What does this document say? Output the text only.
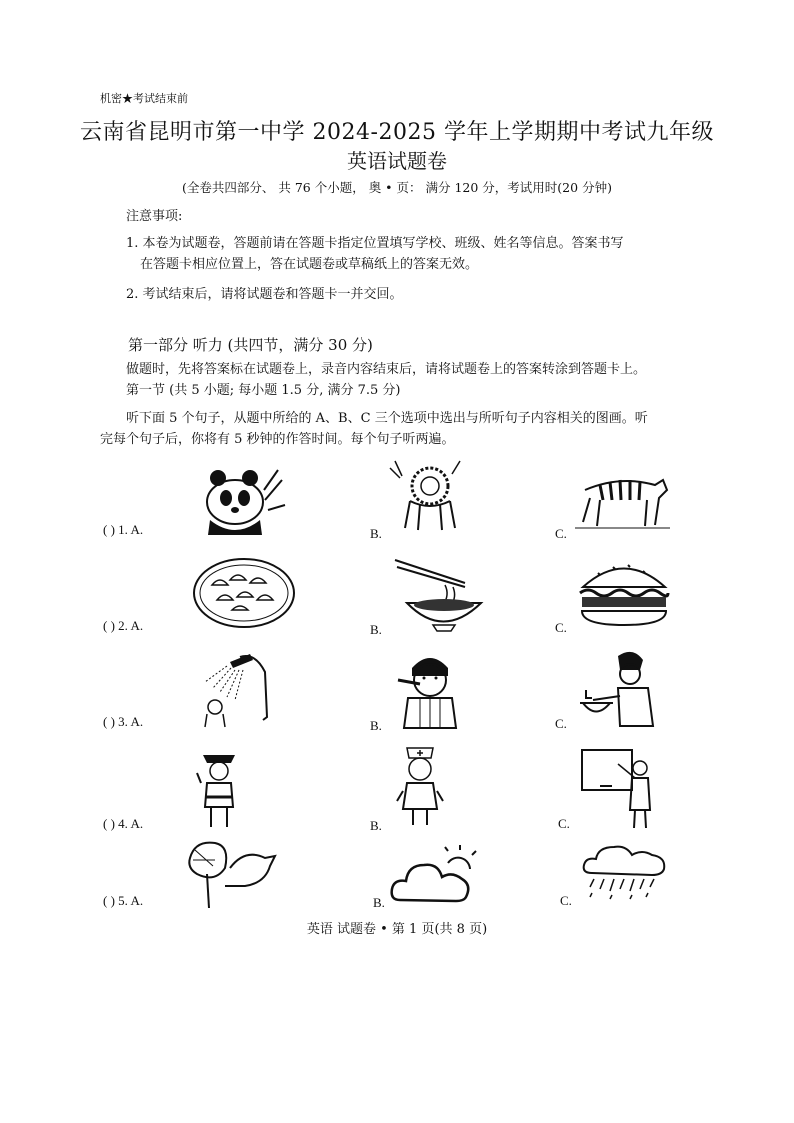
机密★考试结束前
云南省昆明市第一中学 2024-2025 学年上学期期中考试九年级
英语试题卷
(全卷共四部分、 共 76 个小题， 奥 • 页： 满分 120 分，考试用时(20 分钟)
注意事项:
1. 本卷为试题卷，答题前请在答题卡指定位置填写学校、班级、姓名等信息。答案书写
在答题卡相应位置上，答在试题卷或草稿纸上的答案无效。
2. 考试结束后，请将试题卷和答题卡一并交回。
第一部分 听力 (共四节，满分 30 分)
做题时，先将答案标在试题卷上，录音内容结束后，请将试题卷上的答案转涂到答题卡上。
第一节 (共 5 小题; 每小题 1.5 分, 满分 7.5 分)
听下面 5 个句子，从题中所给的 A、B、C 三个选项中选出与所听句子内容相关的图画。听
完每个句子后，你将有 5 秒钟的作答时间。每个句子听两遍。
( ) 1. A.	B.	C.
( ) 2. A.	B.	C.
( ) 3. A.	B.	C.
( ) 4. A.	B.	C.
( ) 5. A.	B.	C.
英语 试题卷 • 第 1 页(共 8 页)
